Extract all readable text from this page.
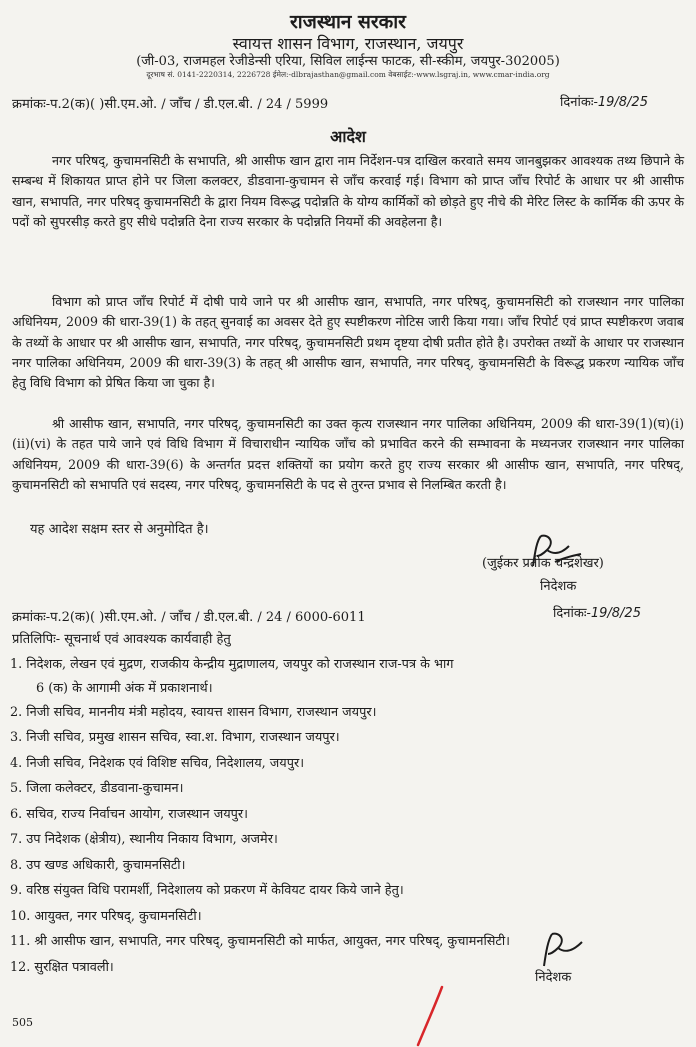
राजस्थान सरकार
स्वायत्त शासन विभाग, राजस्थान, जयपुर
(जी-03, राजमहल रेजीडेन्सी एरिया, सिविल लाईन्स फाटक, सी-स्कीम, जयपुर-302005)
दूरभाष सं. 0141-2220314, 2226728 ईमेल:-dlbrajasthan@gmail.com वेबसाईट:-www.lsgraj.in, www.cmar-india.org
क्रमांकः-प.2(क)( )सी.एम.ओ. / जाँच / डी.एल.बी. / 24 / 5999	दिनांकः-19/8/25
आदेश
नगर परिषद्, कुचामनसिटी के सभापति, श्री आसीफ खान द्वारा नाम निर्देशन-पत्र दाखिल करवाते समय जानबुझकर आवश्यक तथ्य छिपाने के सम्बन्ध में शिकायत प्राप्त होने पर जिला कलक्टर, डीडवाना-कुचामन से जाँच करवाई गई। विभाग को प्राप्त जाँच रिपोर्ट के आधार पर श्री आसीफ खान, सभापति, नगर परिषद् कुचामनसिटी के द्वारा नियम विरूद्ध पदोन्नति के योग्य कार्मिकों को छोड़ते हुए नीचे की मेरिट लिस्ट के कार्मिक की ऊपर के पदों को सुपरसीड़ करते हुए सीधे पदोन्नति देना राज्य सरकार के पदोन्नति नियमों की अवहेलना है।
विभाग को प्राप्त जाँच रिपोर्ट में दोषी पाये जाने पर श्री आसीफ खान, सभापति, नगर परिषद्, कुचामनसिटी को राजस्थान नगर पालिका अधिनियम, 2009 की धारा-39(1) के तहत् सुनवाई का अवसर देते हुए स्पष्टीकरण नोटिस जारी किया गया। जाँच रिपोर्ट एवं प्राप्त स्पष्टीकरण जवाब के तथ्यों के आधार पर श्री आसीफ खान, सभापति, नगर परिषद्, कुचामनसिटी प्रथम दृष्टया दोषी प्रतीत होते है। उपरोक्त तथ्यों के आधार पर राजस्थान नगर पालिका अधिनियम, 2009 की धारा-39(3) के तहत् श्री आसीफ खान, सभापति, नगर परिषद्, कुचामनसिटी के विरूद्ध प्रकरण न्यायिक जाँच हेतु विधि विभाग को प्रेषित किया जा चुका है।
श्री आसीफ खान, सभापति, नगर परिषद्, कुचामनसिटी का उक्त कृत्य राजस्थान नगर पालिका अधिनियम, 2009 की धारा-39(1)(घ)(i)(ii)(vi) के तहत पाये जाने एवं विधि विभाग में विचाराधीन न्यायिक जाँच को प्रभावित करने की सम्भावना के मध्यनजर राजस्थान नगर पालिका अधिनियम, 2009 की धारा-39(6) के अन्तर्गत प्रदत्त शक्तियों का प्रयोग करते हुए राज्य सरकार श्री आसीफ खान, सभापति, नगर परिषद्, कुचामनसिटी को सभापति एवं सदस्य, नगर परिषद्, कुचामनसिटी के पद से तुरन्त प्रभाव से निलम्बित करती है।
यह आदेश सक्षम स्तर से अनुमोदित है।
(जुईकर प्रतीक चन्द्रशेखर)
निदेशक
क्रमांकः-प.2(क)( )सी.एम.ओ. / जाँच / डी.एल.बी. / 24 / 6000-6011	दिनांकः-19/8/25
प्रतिलिपिः- सूचनार्थ एवं आवश्यक कार्यवाही हेतु
1. निदेशक, लेखन एवं मुद्रण, राजकीय केन्द्रीय मुद्राणालय, जयपुर को राजस्थान राज-पत्र के भाग
6 (क) के आगामी अंक में प्रकाशनार्थ।
2. निजी सचिव, माननीय मंत्री महोदय, स्वायत्त शासन विभाग, राजस्थान जयपुर।
3. निजी सचिव, प्रमुख शासन सचिव, स्वा.श. विभाग, राजस्थान जयपुर।
4. निजी सचिव, निदेशक एवं विशिष्ट सचिव, निदेशालय, जयपुर।
5. जिला कलेक्टर, डीडवाना-कुचामन।
6. सचिव, राज्य निर्वाचन आयोग, राजस्थान जयपुर।
7. उप निदेशक (क्षेत्रीय), स्थानीय निकाय विभाग, अजमेर।
8. उप खण्ड अधिकारी, कुचामनसिटी।
9. वरिष्ठ संयुक्त विधि परामर्शी, निदेशालय को प्रकरण में केवियट दायर किये जाने हेतु।
10. आयुक्त, नगर परिषद्, कुचामनसिटी।
11. श्री आसीफ खान, सभापति, नगर परिषद्, कुचामनसिटी को मार्फत, आयुक्त, नगर परिषद्, कुचामनसिटी।
12. सुरक्षित पत्रावली।
निदेशक
505
